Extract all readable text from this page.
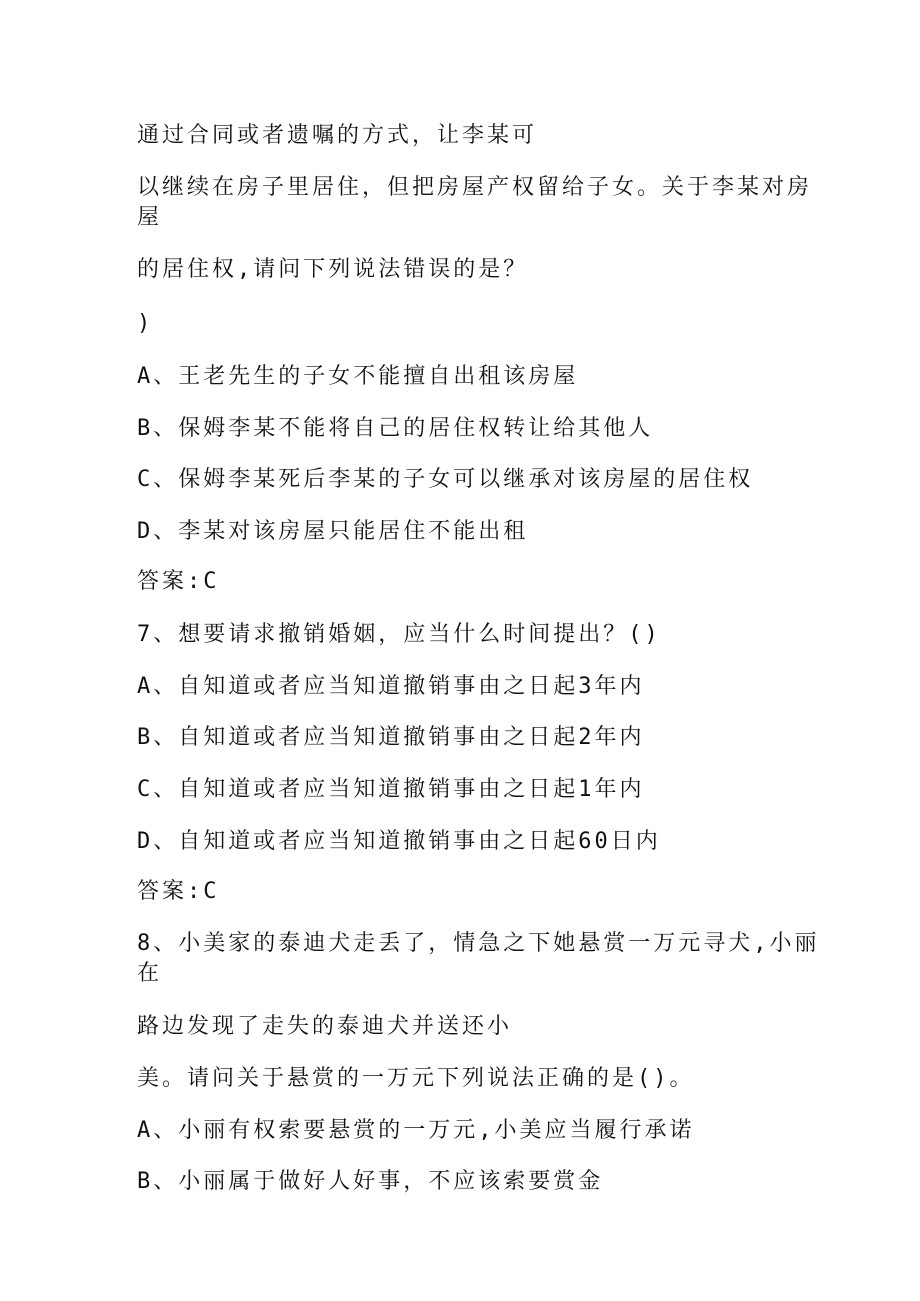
通过合同或者遗嘱的方式，让李某可
以继续在房子里居住，但把房屋产权留给子女。关于李某对房
屋
的居住权,请问下列说法错误的是？
)
A、王老先生的子女不能擅自出租该房屋
B、保姆李某不能将自己的居住权转让给其他人
C、保姆李某死后李某的子女可以继承对该房屋的居住权
D、李某对该房屋只能居住不能出租
答案:C
7、想要请求撤销婚姻，应当什么时间提出？()
A、自知道或者应当知道撤销事由之日起3年内
B、自知道或者应当知道撤销事由之日起2年内
C、自知道或者应当知道撤销事由之日起1年内
D、自知道或者应当知道撤销事由之日起60日内
答案:C
8、小美家的泰迪犬走丢了，情急之下她悬赏一万元寻犬,小丽
在
路边发现了走失的泰迪犬并送还小
美。请问关于悬赏的一万元下列说法正确的是()。
A、小丽有权索要悬赏的一万元,小美应当履行承诺
B、小丽属于做好人好事，不应该索要赏金
